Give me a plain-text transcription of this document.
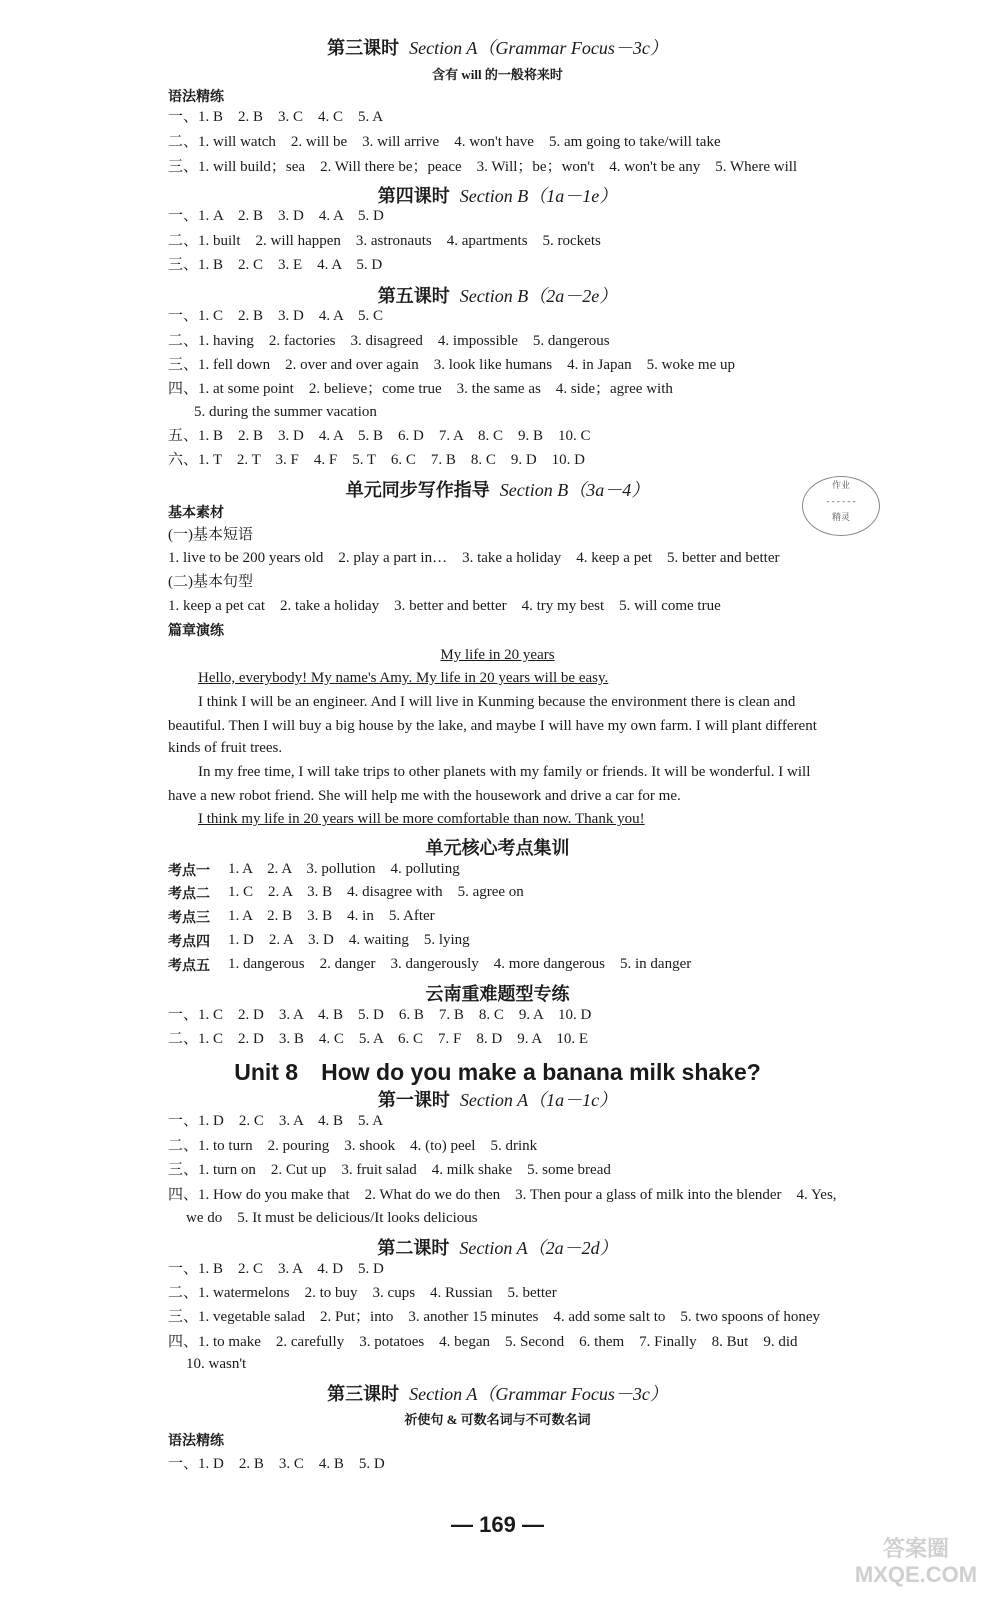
第三课时 Section A（Grammar Focus－3c）
含有 will 的一般将来时
语法精练
一、1. B　2. B　3. C　4. C　5. A
二、1. will watch　2. will be　3. will arrive　4. won't have　5. am going to take/will take
三、1. will build；sea　2. Will there be；peace　3. Will；be；won't　4. won't be any　5. Where will
第四课时 Section B（1a－1e）
一、1. A　2. B　3. D　4. A　5. D
二、1. built　2. will happen　3. astronauts　4. apartments　5. rockets
三、1. B　2. C　3. E　4. A　5. D
第五课时 Section B（2a－2e）
一、1. C　2. B　3. D　4. A　5. C
二、1. having　2. factories　3. disagreed　4. impossible　5. dangerous
三、1. fell down　2. over and over again　3. look like humans　4. in Japan　5. woke me up
四、1. at some point　2. believe；come true　3. the same as　4. side；agree with
5. during the summer vacation
五、1. B　2. B　3. D　4. A　5. B　6. D　7. A　8. C　9. B　10. C
六、1. T　2. T　3. F　4. F　5. T　6. C　7. B　8. C　9. D　10. D
单元同步写作指导 Section B（3a－4）	作业
- - - - - -
精灵
基本素材
(一)基本短语
1. live to be 200 years old　2. play a part in…　3. take a holiday　4. keep a pet　5. better and better
(二)基本句型
1. keep a pet cat　2. take a holiday　3. better and better　4. try my best　5. will come true
篇章演练
My life in 20 years
Hello, everybody! My name's Amy. My life in 20 years will be easy.
I think I will be an engineer. And I will live in Kunming because the environment there is clean and
beautiful. Then I will buy a big house by the lake, and maybe I will have my own farm. I will plant different
kinds of fruit trees.
In my free time, I will take trips to other planets with my family or friends. It will be wonderful. I will
have a new robot friend. She will help me with the housework and drive a car for me.
I think my life in 20 years will be more comfortable than now. Thank you!
单元核心考点集训
考点一 1. A　2. A　3. pollution　4. polluting
考点二 1. C　2. A　3. B　4. disagree with　5. agree on
考点三 1. A　2. B　3. B　4. in　5. After
考点四 1. D　2. A　3. D　4. waiting　5. lying
考点五 1. dangerous　2. danger　3. dangerously　4. more dangerous　5. in danger
云南重难题型专练
一、1. C　2. D　3. A　4. B　5. D　6. B　7. B　8. C　9. A　10. D
二、1. C　2. D　3. B　4. C　5. A　6. C　7. F　8. D　9. A　10. E
Unit 8　How do you make a banana milk shake?
第一课时 Section A（1a－1c）
一、1. D　2. C　3. A　4. B　5. A
二、1. to turn　2. pouring　3. shook　4. (to) peel　5. drink
三、1. turn on　2. Cut up　3. fruit salad　4. milk shake　5. some bread
四、1. How do you make that　2. What do we do then　3. Then pour a glass of milk into the blender　4. Yes,
we do　5. It must be delicious/It looks delicious
第二课时 Section A（2a－2d）
一、1. B　2. C　3. A　4. D　5. D
二、1. watermelons　2. to buy　3. cups　4. Russian　5. better
三、1. vegetable salad　2. Put；into　3. another 15 minutes　4. add some salt to　5. two spoons of honey
四、1. to make　2. carefully　3. potatoes　4. began　5. Second　6. them　7. Finally　8. But　9. did
10. wasn't
第三课时 Section A（Grammar Focus－3c）
祈使句 & 可数名词与不可数名词
语法精练
一、1. D　2. B　3. C　4. B　5. D
— 169 —
答案圈
MXQE.COM
